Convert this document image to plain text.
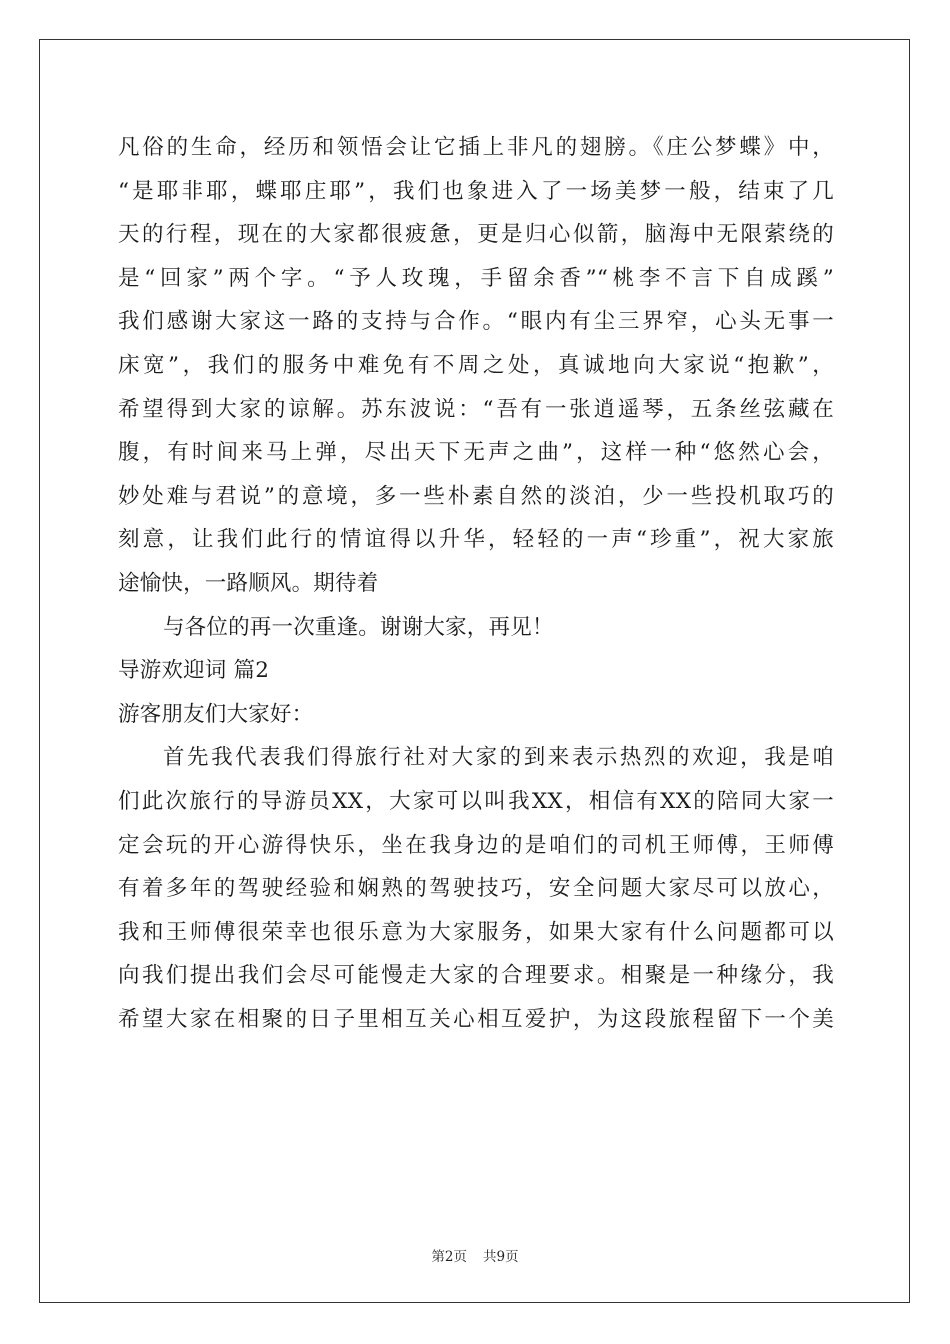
凡俗的生命，经历和领悟会让它插上非凡的翅膀。《庄公梦蝶》中，
“是耶非耶，蝶耶庄耶”，我们也象进入了一场美梦一般，结束了几
天的行程，现在的大家都很疲惫，更是归心似箭，脑海中无限萦绕的
是“回家”两个字。“予人玫瑰，手留余香”“桃李不言下自成蹊”
我们感谢大家这一路的支持与合作。“眼内有尘三界窄，心头无事一
床宽”，我们的服务中难免有不周之处，真诚地向大家说“抱歉”，
希望得到大家的谅解。苏东波说：“吾有一张逍遥琴，五条丝弦藏在
腹，有时间来马上弹，尽出天下无声之曲”，这样一种“悠然心会，
妙处难与君说”的意境，多一些朴素自然的淡泊，少一些投机取巧的
刻意，让我们此行的情谊得以升华，轻轻的一声“珍重”，祝大家旅
途愉快，一路顺风。期待着
与各位的再一次重逢。谢谢大家，再见！
导游欢迎词 篇2
游客朋友们大家好：
首先我代表我们得旅行社对大家的到来表示热烈的欢迎，我是咱
们此次旅行的导游员XX，大家可以叫我XX，相信有XX的陪同大家一
定会玩的开心游得快乐，坐在我身边的是咱们的司机王师傅，王师傅
有着多年的驾驶经验和娴熟的驾驶技巧，安全问题大家尽可以放心，
我和王师傅很荣幸也很乐意为大家服务，如果大家有什么问题都可以
向我们提出我们会尽可能慢走大家的合理要求。相聚是一种缘分，我
希望大家在相聚的日子里相互关心相互爱护，为这段旅程留下一个美
第2页 共9页
